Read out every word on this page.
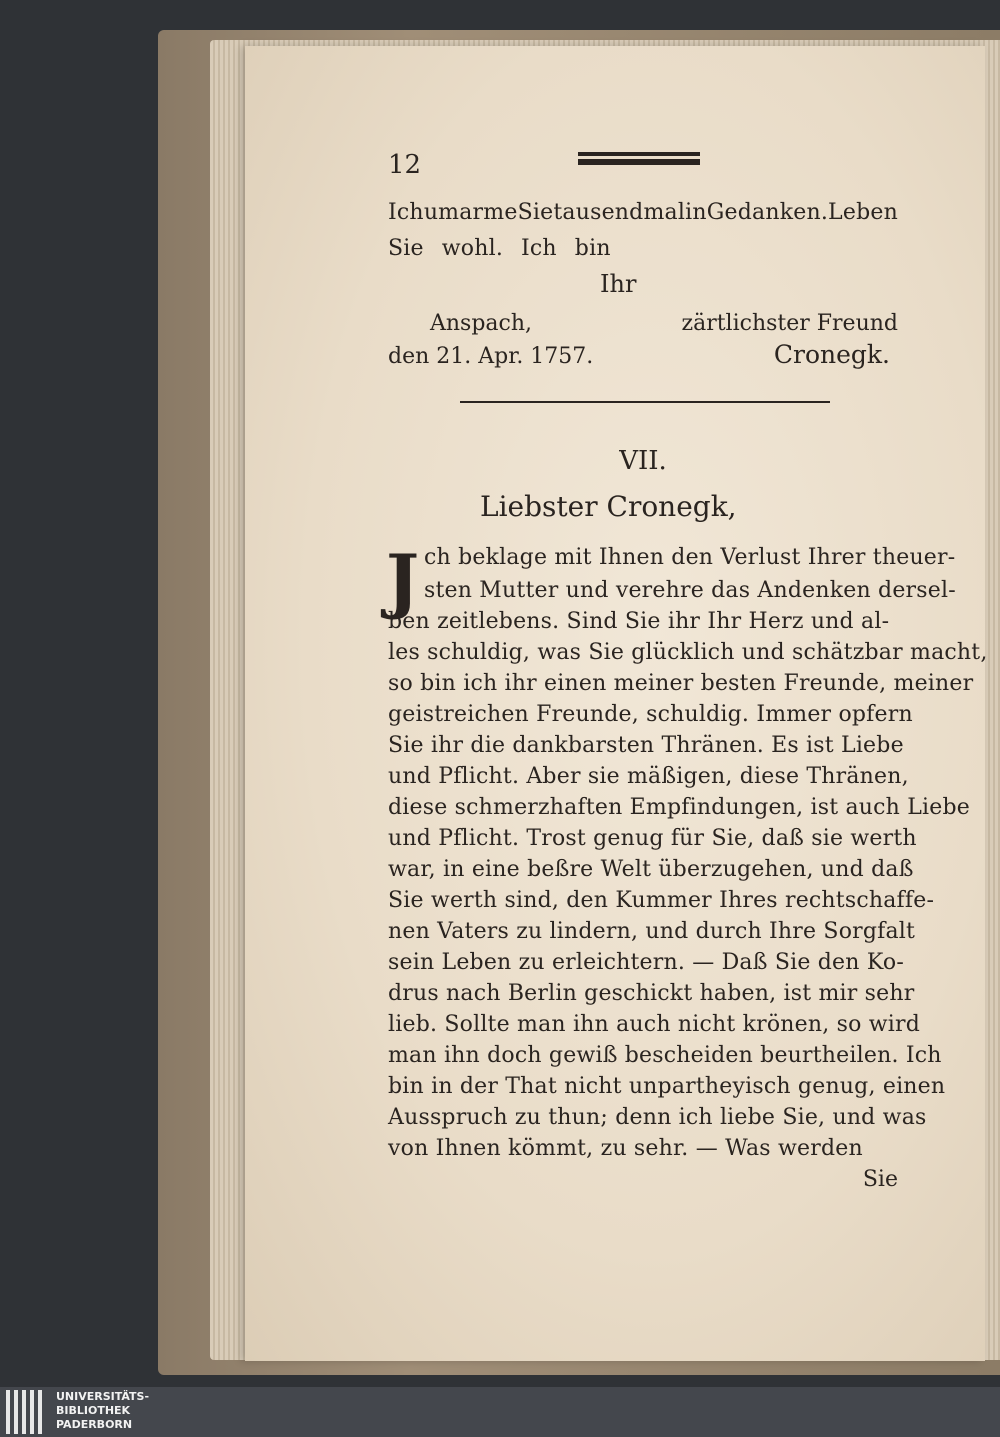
12
Ich umarme Sie tausendmal in Gedanken. Leben
Sie wohl. Ich bin
Ihr
Anspach,	zärtlichster Freund
den 21. Apr. 1757.	Cronegk.
VII.
Liebster Cronegk,
J ch beklage mit Ihnen den Verlust Ihrer theuer-
sten Mutter und verehre das Andenken dersel-
ben zeitlebens. Sind Sie ihr Ihr Herz und al-
les schuldig, was Sie glücklich und schätzbar macht,
so bin ich ihr einen meiner besten Freunde, meiner
geistreichen Freunde, schuldig. Immer opfern
Sie ihr die dankbarsten Thränen. Es ist Liebe
und Pflicht. Aber sie mäßigen, diese Thränen,
diese schmerzhaften Empfindungen, ist auch Liebe
und Pflicht. Trost genug für Sie, daß sie werth
war, in eine beßre Welt überzugehen, und daß
Sie werth sind, den Kummer Ihres rechtschaffe-
nen Vaters zu lindern, und durch Ihre Sorgfalt
sein Leben zu erleichtern. — Daß Sie den Ko-
drus nach Berlin geschickt haben, ist mir sehr
lieb. Sollte man ihn auch nicht krönen, so wird
man ihn doch gewiß bescheiden beurtheilen. Ich
bin in der That nicht unpartheyisch genug, einen
Ausspruch zu thun; denn ich liebe Sie, und was
von Ihnen kömmt, zu sehr. — Was werden
Sie
UNIVERSITÄTS-
BIBLIOTHEK
PADERBORN
